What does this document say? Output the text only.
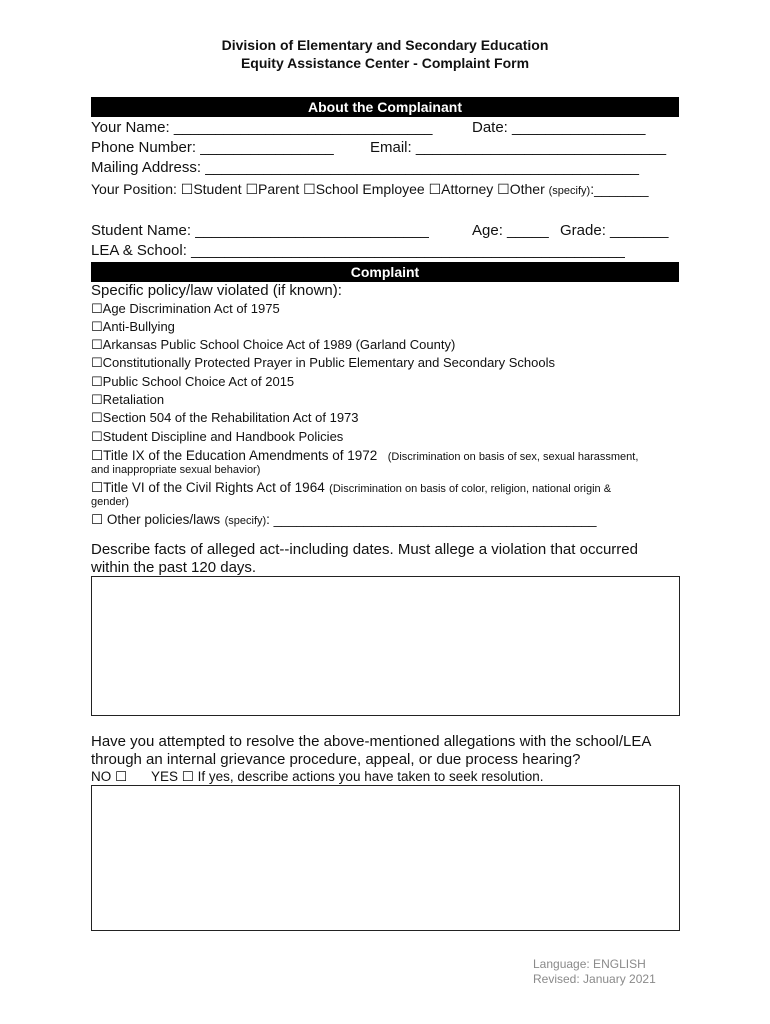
Division of Elementary and Secondary Education
Equity Assistance Center - Complaint Form
About the Complainant
Your Name: _______________________________	Date: ________________
Phone Number: ________________ Email: ______________________________
Mailing Address: ____________________________________________________
Your Position: ☐Student ☐Parent ☐School Employee ☐Attorney ☐Other (specify):_______
Student Name: ____________________________	Age: _____ Grade: _______
LEA & School: ____________________________________________________
Complaint
Specific policy/law violated (if known):
☐Age Discrimination Act of 1975
☐Anti-Bullying
☐Arkansas Public School Choice Act of 1989 (Garland County)
☐Constitutionally Protected Prayer in Public Elementary and Secondary Schools
☐Public School Choice Act of 2015
☐Retaliation
☐Section 504 of the Rehabilitation Act of 1973
☐Student Discipline and Handbook Policies
☐Title IX of the Education Amendments of 1972 (Discrimination on basis of sex, sexual harassment,
and inappropriate sexual behavior)
☐Title VI of the Civil Rights Act of 1964 (Discrimination on basis of color, religion, national origin &
gender)
☐ Other policies/laws (specify): ___________________________________________
Describe facts of alleged act--including dates. Must allege a violation that occurred
within the past 120 days.
Have you attempted to resolve the above-mentioned allegations with the school/LEA
through an internal grievance procedure, appeal, or due process hearing?
NO ☐ YES ☐ If yes, describe actions you have taken to seek resolution.
Language: ENGLISH
Revised: January 2021
